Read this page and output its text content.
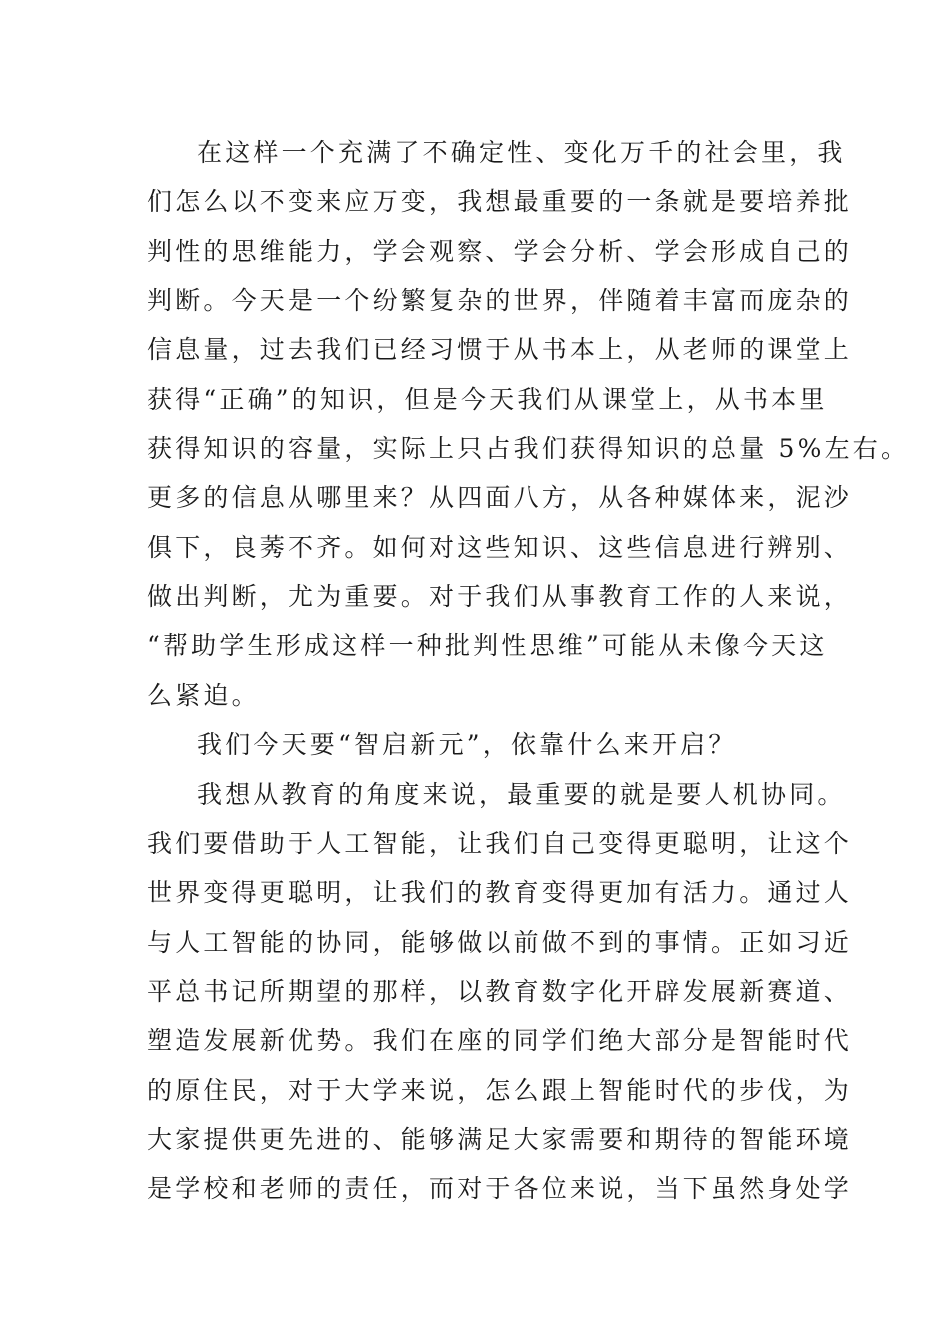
在这样一个充满了不确定性、变化万千的社会里，我
们怎么以不变来应万变，我想最重要的一条就是要培养批
判性的思维能力，学会观察、学会分析、学会形成自己的
判断。今天是一个纷繁复杂的世界，伴随着丰富而庞杂的
信息量，过去我们已经习惯于从书本上，从老师的课堂上
获得“正确”的知识，但是今天我们从课堂上，从书本里
获得知识的容量，实际上只占我们获得知识的总量 5%左右。
更多的信息从哪里来？从四面八方，从各种媒体来，泥沙
俱下，良莠不齐。如何对这些知识、这些信息进行辨别、
做出判断，尤为重要。对于我们从事教育工作的人来说，
“帮助学生形成这样一种批判性思维”可能从未像今天这
么紧迫。
我们今天要“智启新元”，依靠什么来开启？
我想从教育的角度来说，最重要的就是要人机协同。
我们要借助于人工智能，让我们自己变得更聪明，让这个
世界变得更聪明，让我们的教育变得更加有活力。通过人
与人工智能的协同，能够做以前做不到的事情。正如习近
平总书记所期望的那样，以教育数字化开辟发展新赛道、
塑造发展新优势。我们在座的同学们绝大部分是智能时代
的原住民，对于大学来说，怎么跟上智能时代的步伐，为
大家提供更先进的、能够满足大家需要和期待的智能环境
是学校和老师的责任，而对于各位来说，当下虽然身处学
